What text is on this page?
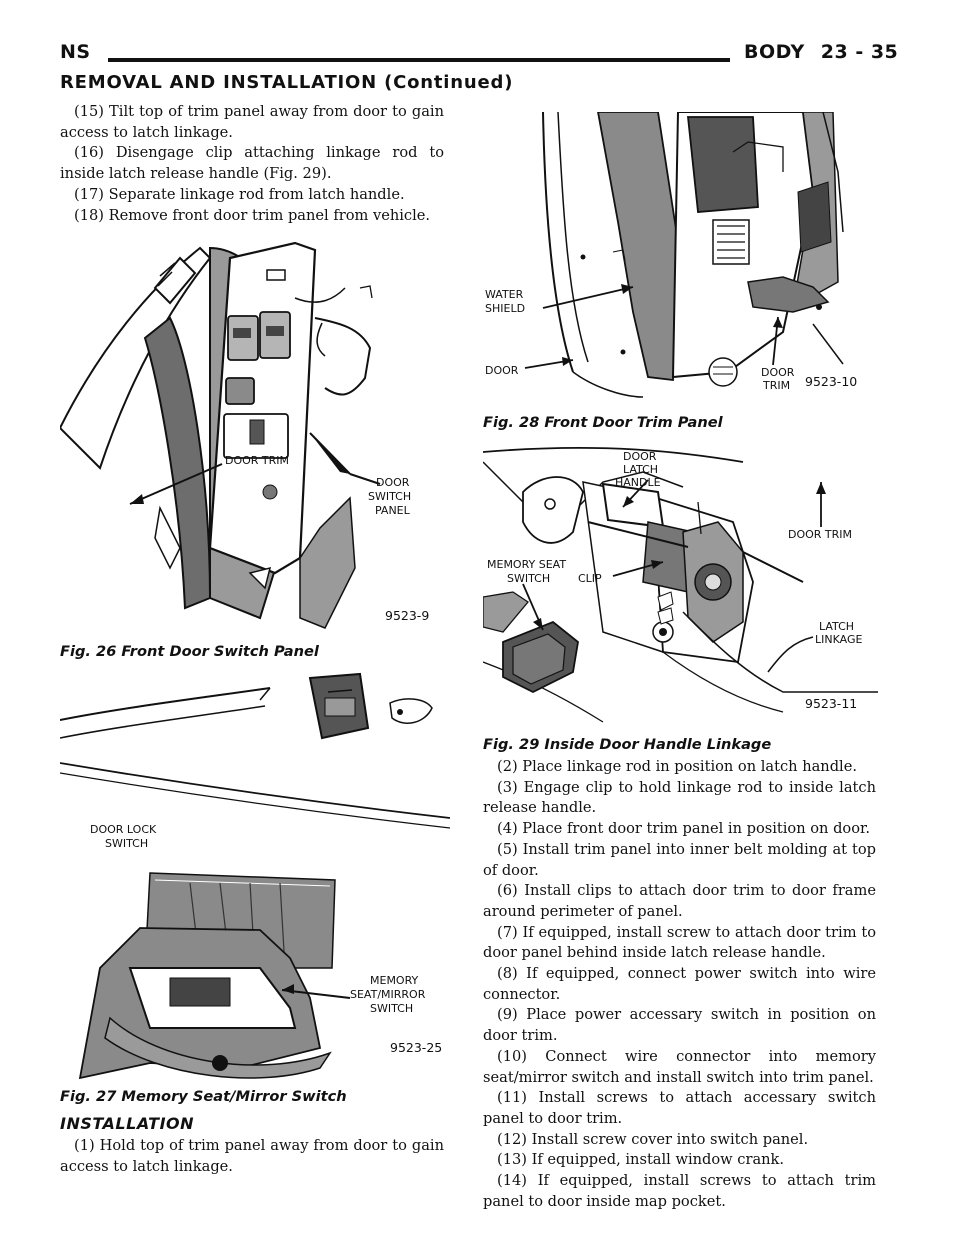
NS	BODY 23 - 35
REMOVAL AND INSTALLATION (Continued)

(15) Tilt top of trim panel away from door to gain access to latch linkage.

(16) Disengage clip attaching linkage rod to inside latch release handle (Fig. 29).

(17) Separate linkage rod from latch handle.

(18) Remove front door trim panel from vehicle.

DOOR TRIM
DOOR
SWITCH
PANEL
9523-9
Fig. 26 Front Door Switch Panel
DOOR LOCK
SWITCH
MEMORY
SEAT/MIRROR
SWITCH
9523-25
Fig. 27 Memory Seat/Mirror Switch
INSTALLATION

(1) Hold top of trim panel away from door to gain access to latch linkage.

WATER
SHIELD
DOOR	DOOR
TRIM 9523-10
Fig. 28 Front Door Trim Panel
DOOR
LATCH
HANDLE
DOOR TRIM
MEMORY SEAT
SWITCH	CLIP
LATCH
LINKAGE
9523-11
Fig. 29 Inside Door Handle Linkage

(2) Place linkage rod in position on latch handle.

(3) Engage clip to hold linkage rod to inside latch release handle.

(4) Place front door trim panel in position on door.

(5) Install trim panel into inner belt molding at top of door.

(6) Install clips to attach door trim to door frame around perimeter of panel.

(7) If equipped, install screw to attach door trim to door panel behind inside latch release handle.

(8) If equipped, connect power switch into wire connector.

(9) Place power accessary switch in position on door trim.

(10) Connect wire connector into memory seat/mirror switch and install switch into trim panel.

(11) Install screws to attach accessary switch panel to door trim.

(12) Install screw cover into switch panel.

(13) If equipped, install window crank.

(14) If equipped, install screws to attach trim panel to door inside map pocket.
